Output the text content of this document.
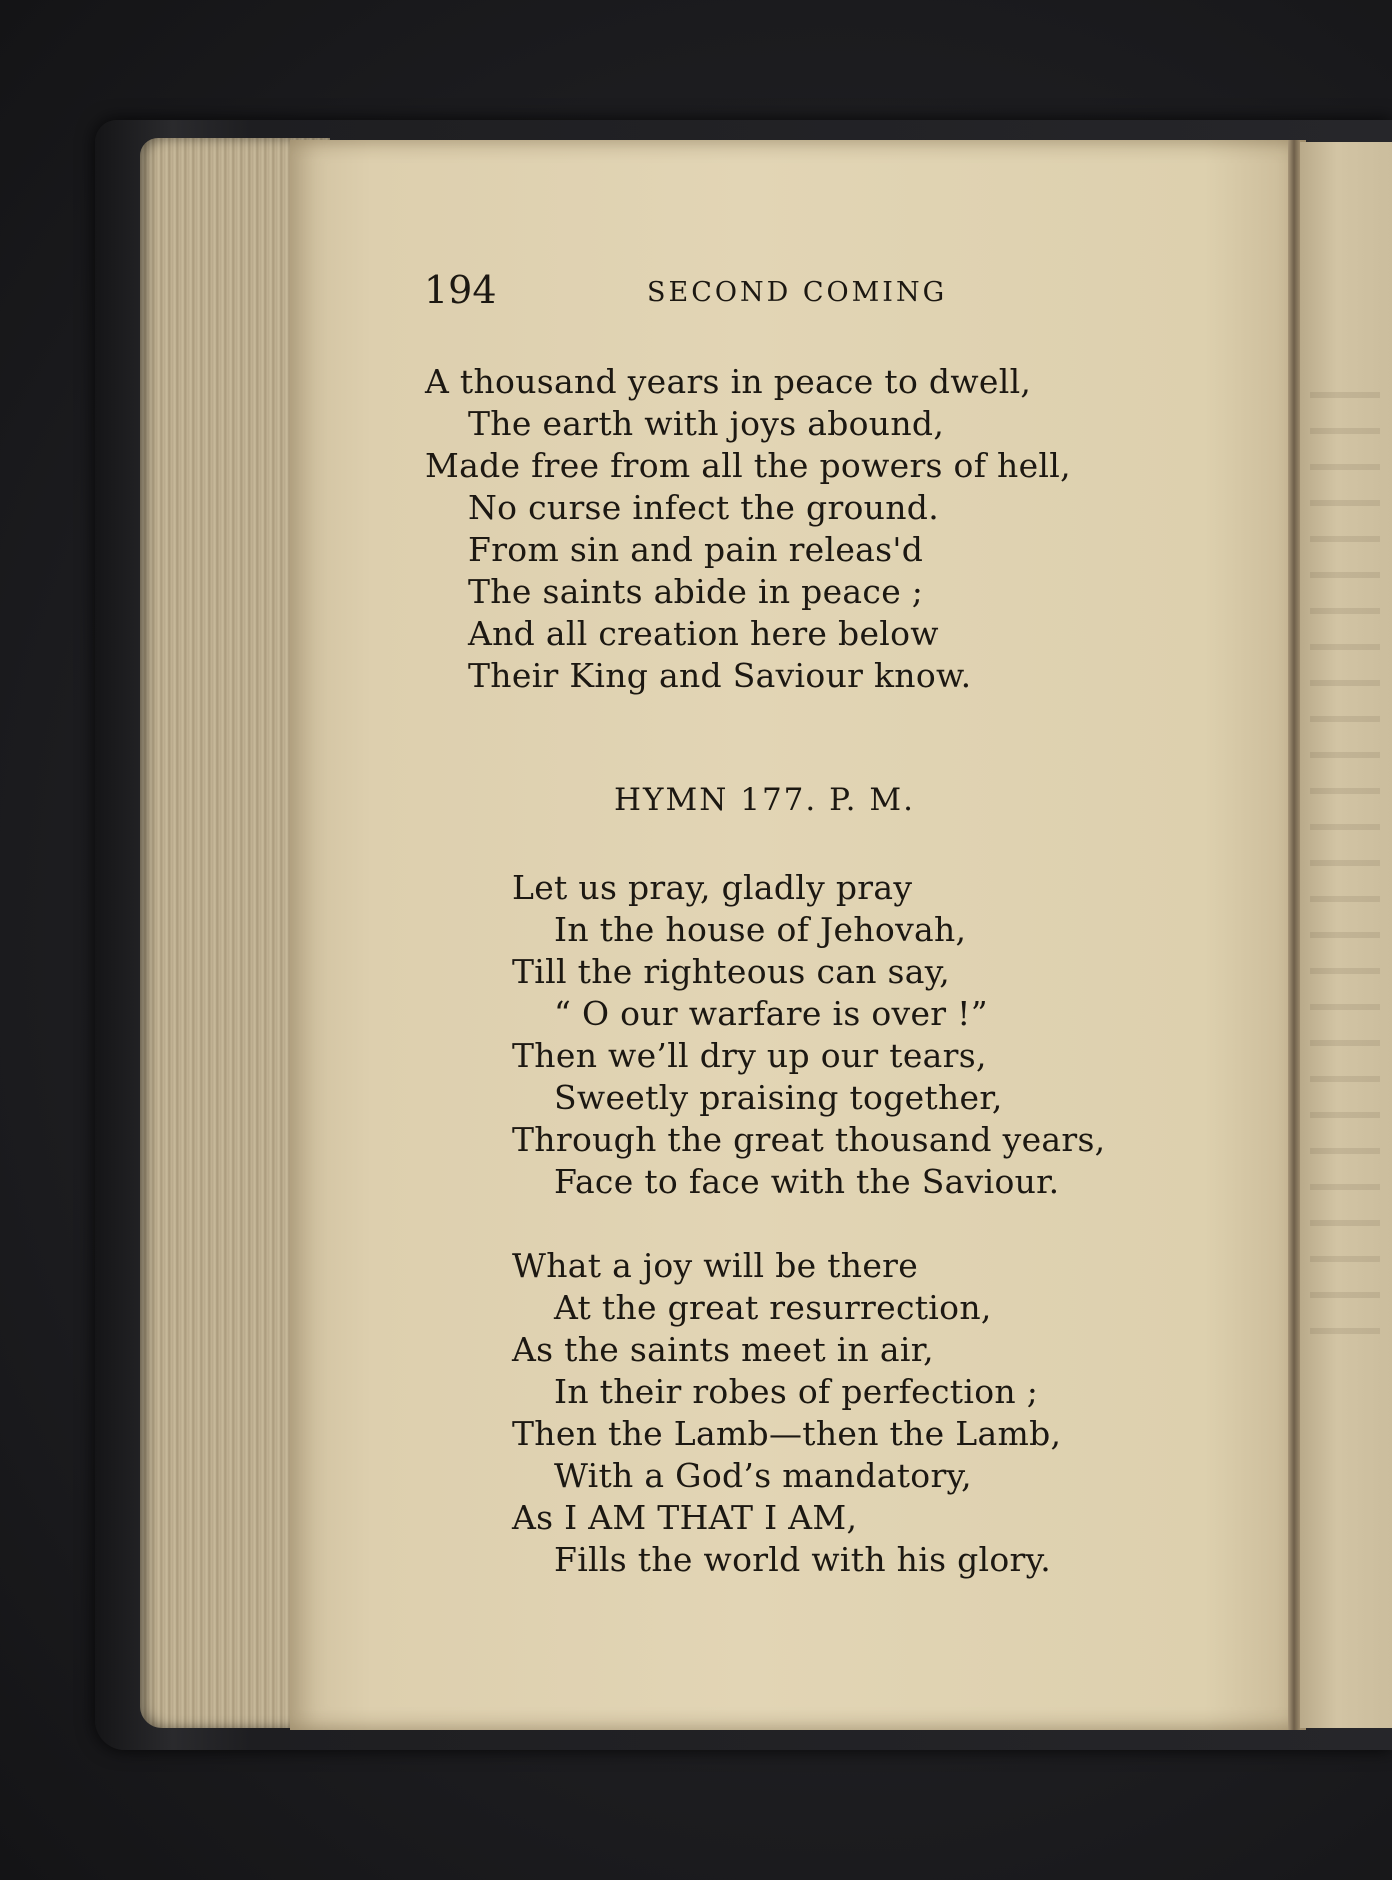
194	SECOND COMING
A thousand years in peace to dwell,
The earth with joys abound,
Made free from all the powers of hell,
No curse infect the ground.
From sin and pain releas'd
The saints abide in peace ;
And all creation here below
Their King and Saviour know.
HYMN 177. P. M.
Let us pray, gladly pray
In the house of Jehovah,
Till the righteous can say,
“ O our warfare is over !”
Then we’ll dry up our tears,
Sweetly praising together,
Through the great thousand years,
Face to face with the Saviour.
What a joy will be there
At the great resurrection,
As the saints meet in air,
In their robes of perfection ;
Then the Lamb—then the Lamb,
With a God’s mandatory,
As I AM THAT I AM,
Fills the world with his glory.
